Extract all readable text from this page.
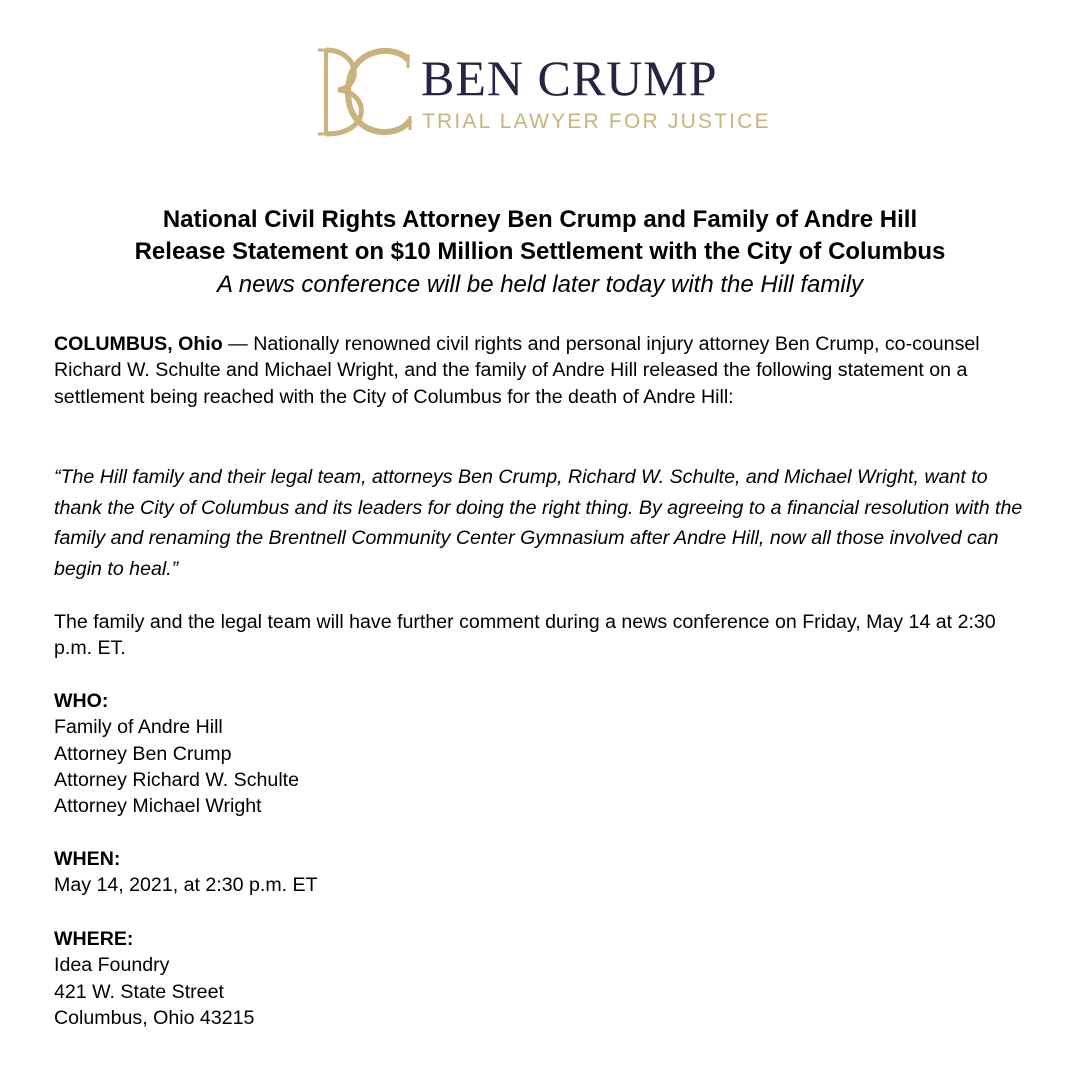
BEN CRUMP
TRIAL LAWYER FOR JUSTICE
National Civil Rights Attorney Ben Crump and Family of Andre Hill
Release Statement on $10 Million Settlement with the City of Columbus
A news conference will be held later today with the Hill family

COLUMBUS, Ohio — Nationally renowned civil rights and personal injury attorney Ben Crump, co-counsel Richard W. Schulte and Michael Wright, and the family of Andre Hill released the following statement on a settlement being reached with the City of Columbus for the death of Andre Hill:

“The Hill family and their legal team, attorneys Ben Crump, Richard W. Schulte, and Michael Wright, want to thank the City of Columbus and its leaders for doing the right thing. By agreeing to a financial resolution with the family and renaming the Brentnell Community Center Gymnasium after Andre Hill, now all those involved can begin to heal.”

The family and the legal team will have further comment during a news conference on Friday, May 14 at 2:30 p.m. ET.

WHO:
Family of Andre Hill
Attorney Ben Crump
Attorney Richard W. Schulte
Attorney Michael Wright
WHEN:
May 14, 2021, at 2:30 p.m. ET
WHERE:
Idea Foundry
421 W. State Street
Columbus, Ohio 43215
